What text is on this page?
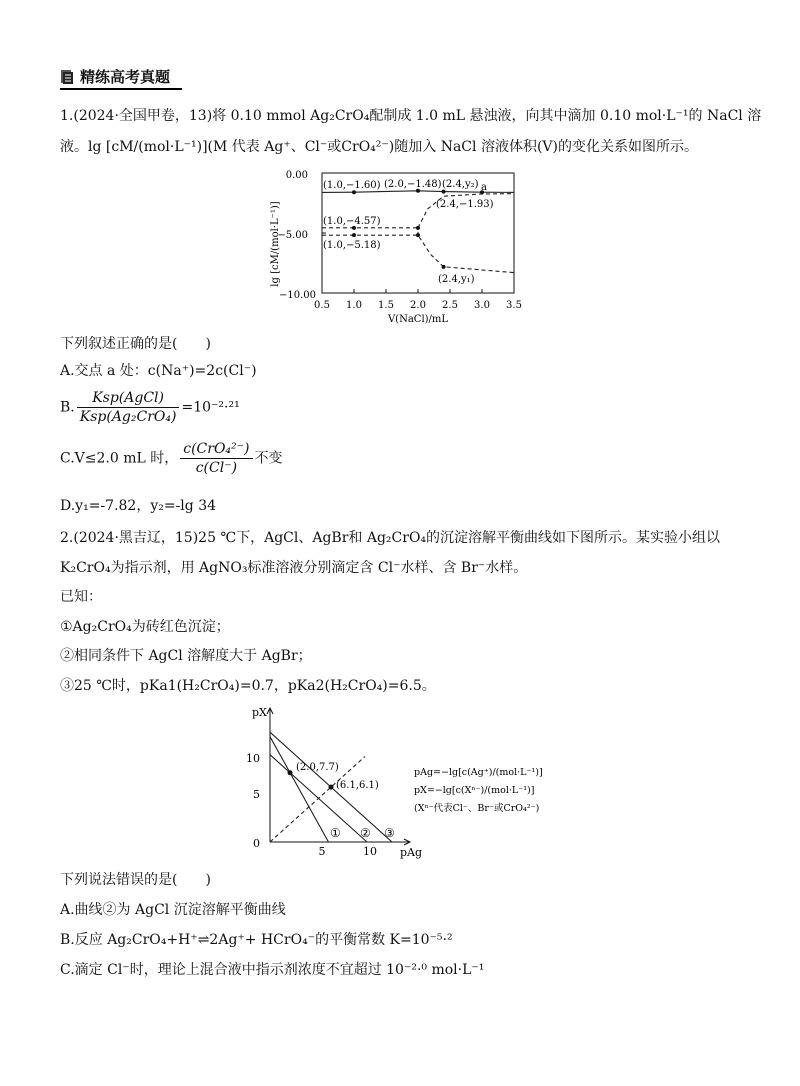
精练高考真题
1.(2024·全国甲卷，13)将 0.10 mmol Ag₂CrO₄配制成 1.0 mL 悬浊液，向其中滴加 0.10 mol·L⁻¹的 NaCl 溶
液。lg [cM/(mol·L⁻¹)](M 代表 Ag⁺、Cl⁻或CrO₄²⁻)随加入 NaCl 溶液体积(V)的变化关系如图所示。
lg [cM/(mol·L⁻¹)]
0.00
−5.00
−10.00
0.5 1.0 1.5 2.0 2.5 3.0 3.5
V(NaCl)/mL
(1.0,−1.60) (2.0,−1.48) (2.4,y₂) a
(2.4,−1.93)
(1.0,−4.57)
(1.0,−5.18)
(2.4,y₁)
下列叙述正确的是(　　)
A.交点 a 处：c(Na⁺)=2c(Cl⁻)
B. $\frac{\text{Ksp(AgCl)}}{\text{Ksp(Ag₂CrO₄)}} =10^{-2}\cdot^{21}$
C.V≤2.0 mL 时， $\frac{\text{c(CrO₄²⁻)}}{c(Cl^-)}$ 不变
D.y₁=-7.82，y₂=-lg 34
2.(2024·黑吉辽，15)25 ℃下，AgCl、AgBr和 Ag₂CrO₄的沉淀溶解平衡曲线如下图所示。某实验小组以
K₂CrO₄为指示剂，用 AgNO₃标准溶液分别滴定含 Cl⁻水样、含 Br⁻水样。
已知：
①Ag₂CrO₄为砖红色沉淀；
②相同条件下 AgCl 溶解度大于 AgBr；
③25 ℃时，pKa1(H₂CrO₄)=0.7，pKa2(H₂CrO₄)=6.5。
pX
pAg
5
10
0
5	10
(2.0,7.7)
(6.1,6.1)
① ② ③
pAg=−lg[c(Ag⁺)/(mol·L⁻¹)]
pX=−lg[c(Xⁿ⁻)/(mol·L⁻¹)]
(Xⁿ⁻代表Cl⁻、Br⁻或CrO₄²⁻)
下列说法错误的是(　　)
A.曲线②为 AgCl 沉淀溶解平衡曲线
B.反应 Ag₂CrO₄+H⁺⇌2Ag⁺+ HCrO₄⁻的平衡常数 K=10⁻⁵·²
C.滴定 Cl⁻时，理论上混合液中指示剂浓度不宜超过 10⁻²·⁰ mol·L⁻¹
